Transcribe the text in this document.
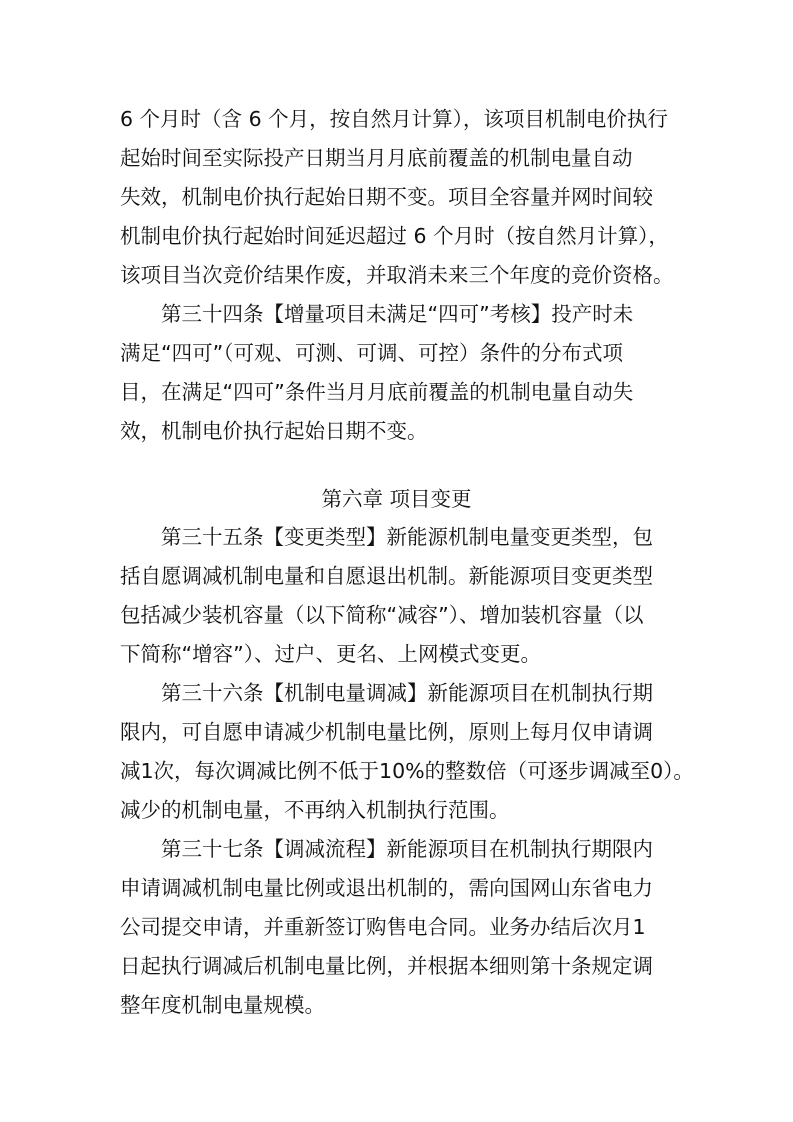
6 个月时（含 6 个月，按自然月计算），该项目机制电价执行
起始时间至实际投产日期当月月底前覆盖的机制电量自动
失效，机制电价执行起始日期不变。项目全容量并网时间较
机制电价执行起始时间延迟超过 6 个月时（按自然月计算），
该项目当次竞价结果作废，并取消未来三个年度的竞价资格。
第三十四条【增量项目未满足“四可”考核】投产时未
满足“四可”（可观、可测、可调、可控）条件的分布式项
目，在满足“四可”条件当月月底前覆盖的机制电量自动失
效，机制电价执行起始日期不变。
第六章 项目变更
第三十五条【变更类型】新能源机制电量变更类型，包
括自愿调减机制电量和自愿退出机制。新能源项目变更类型
包括减少装机容量（以下简称“减容”）、增加装机容量（以
下简称“增容”）、过户、更名、上网模式变更。
第三十六条【机制电量调减】新能源项目在机制执行期
限内，可自愿申请减少机制电量比例，原则上每月仅申请调
减1次，每次调减比例不低于10%的整数倍（可逐步调减至0）。
减少的机制电量，不再纳入机制执行范围。
第三十七条【调减流程】新能源项目在机制执行期限内
申请调减机制电量比例或退出机制的，需向国网山东省电力
公司提交申请，并重新签订购售电合同。业务办结后次月1
日起执行调减后机制电量比例，并根据本细则第十条规定调
整年度机制电量规模。
